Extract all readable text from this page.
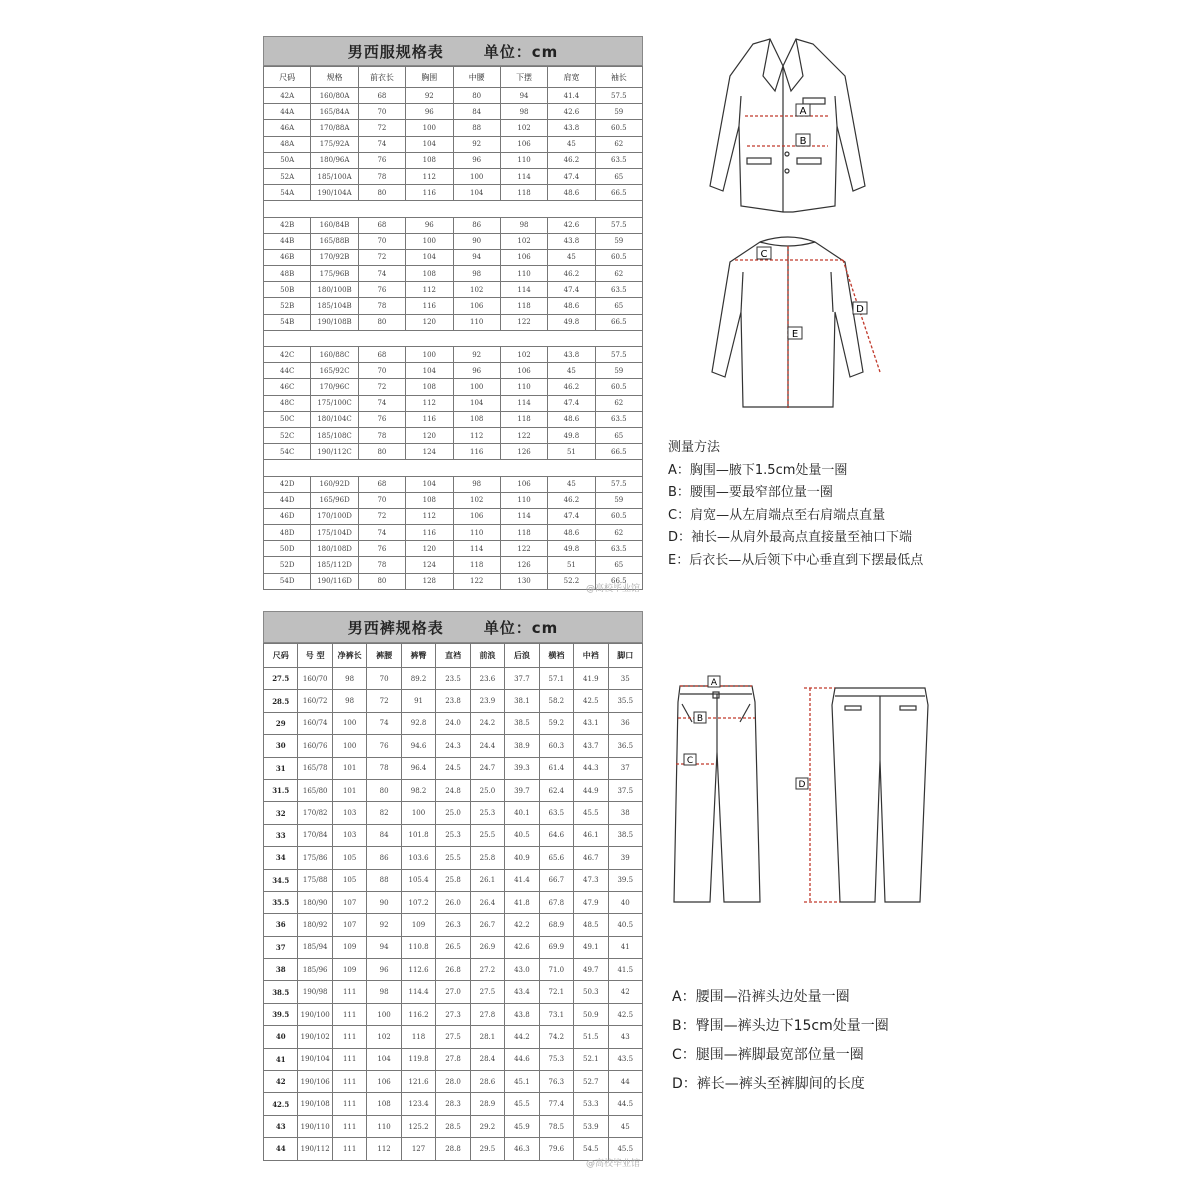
男西服规格表	单位：cm
尺码	规格	前衣长	胸围	中腰	下摆	肩宽	袖长
42A	160/80A	68	92	80	94	41.4	57.5
44A	165/84A	70	96	84	98	42.6	59
46A	170/88A	72	100	88	102	43.8	60.5
48A	175/92A	74	104	92	106	45	62
50A	180/96A	76	108	96	110	46.2	63.5
52A	185/100A	78	112	100	114	47.4	65
54A	190/104A	80	116	104	118	48.6	66.5

42B	160/84B	68	96	86	98	42.6	57.5
44B	165/88B	70	100	90	102	43.8	59
46B	170/92B	72	104	94	106	45	60.5
48B	175/96B	74	108	98	110	46.2	62
50B	180/100B	76	112	102	114	47.4	63.5
52B	185/104B	78	116	106	118	48.6	65
54B	190/108B	80	120	110	122	49.8	66.5

42C	160/88C	68	100	92	102	43.8	57.5
44C	165/92C	70	104	96	106	45	59
46C	170/96C	72	108	100	110	46.2	60.5
48C	175/100C	74	112	104	114	47.4	62
50C	180/104C	76	116	108	118	48.6	63.5
52C	185/108C	78	120	112	122	49.8	65
54C	190/112C	80	124	116	126	51	66.5

42D	160/92D	68	104	98	106	45	57.5
44D	165/96D	70	108	102	110	46.2	59
46D	170/100D	72	112	106	114	47.4	60.5
48D	175/104D	74	116	110	118	48.6	62
50D	180/108D	76	120	114	122	49.8	63.5
52D	185/112D	78	124	118	126	51	65
54D	190/116D	80	128	122	130	52.2	66.5
A
B
C
D
E
测量方法
A：胸围—腋下1.5cm处量一圈
B：腰围—要最窄部位量一圈
C：肩宽—从左肩端点至右肩端点直量
D：袖长—从肩外最高点直接量至袖口下端
E：后衣长—从后领下中心垂直到下摆最低点
@高校毕业馆
男西裤规格表	单位：cm
尺码	号 型	净裤长	裤腰	裤臀	直裆	前浪	后浪	横裆	中裆	脚口
27.5	160/70	98	70	89.2	23.5	23.6	37.7	57.1	41.9	35
28.5	160/72	98	72	91	23.8	23.9	38.1	58.2	42.5	35.5
29	160/74	100	74	92.8	24.0	24.2	38.5	59.2	43.1	36
30	160/76	100	76	94.6	24.3	24.4	38.9	60.3	43.7	36.5
31	165/78	101	78	96.4	24.5	24.7	39.3	61.4	44.3	37
31.5	165/80	101	80	98.2	24.8	25.0	39.7	62.4	44.9	37.5
32	170/82	103	82	100	25.0	25.3	40.1	63.5	45.5	38
33	170/84	103	84	101.8	25.3	25.5	40.5	64.6	46.1	38.5
34	175/86	105	86	103.6	25.5	25.8	40.9	65.6	46.7	39
34.5	175/88	105	88	105.4	25.8	26.1	41.4	66.7	47.3	39.5
35.5	180/90	107	90	107.2	26.0	26.4	41.8	67.8	47.9	40
36	180/92	107	92	109	26.3	26.7	42.2	68.9	48.5	40.5
37	185/94	109	94	110.8	26.5	26.9	42.6	69.9	49.1	41
38	185/96	109	96	112.6	26.8	27.2	43.0	71.0	49.7	41.5
38.5	190/98	111	98	114.4	27.0	27.5	43.4	72.1	50.3	42
39.5	190/100	111	100	116.2	27.3	27.8	43.8	73.1	50.9	42.5
40	190/102	111	102	118	27.5	28.1	44.2	74.2	51.5	43
41	190/104	111	104	119.8	27.8	28.4	44.6	75.3	52.1	43.5
42	190/106	111	106	121.6	28.0	28.6	45.1	76.3	52.7	44
42.5	190/108	111	108	123.4	28.3	28.9	45.5	77.4	53.3	44.5
43	190/110	111	110	125.2	28.5	29.2	45.9	78.5	53.9	45
44	190/112	111	112	127	28.8	29.5	46.3	79.6	54.5	45.5
A
B
C
D
A：腰围—沿裤头边处量一圈
B：臀围—裤头边下15cm处量一圈
C：腿围—裤脚最宽部位量一圈
D：裤长—裤头至裤脚间的长度
@高校毕业馆
